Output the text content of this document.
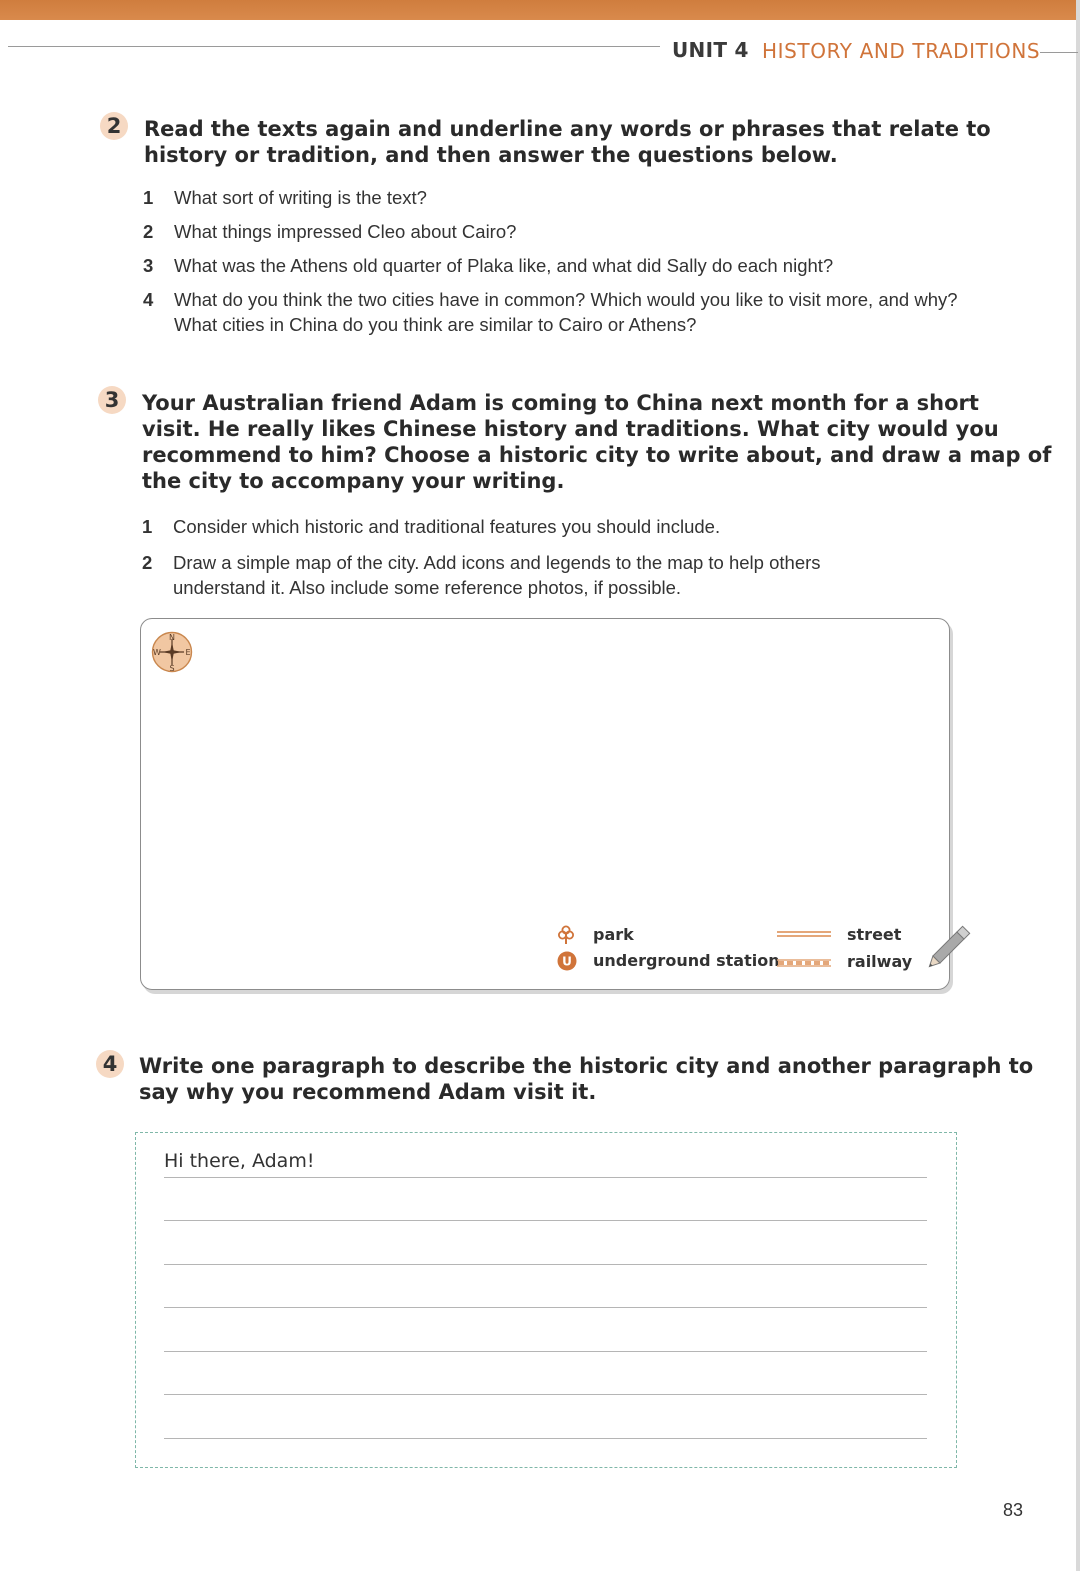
UNIT 4 HISTORY AND TRADITIONS
2	Read the texts again and underline any words or phrases that relate to
history or tradition, and then answer the questions below.
1	What sort of writing is the text?
2	What things impressed Cleo about Cairo?
3	What was the Athens old quarter of Plaka like, and what did Sally do each night?
4	What do you think the two cities have in common? Which would you like to visit more, and why? What cities in China do you think are similar to Cairo or Athens?
3	Your Australian friend Adam is coming to China next month for a short
visit. He really likes Chinese history and traditions. What city would you
recommend to him? Choose a historic city to write about, and draw a map of
the city to accompany your writing.
1	Consider which historic and traditional features you should include.
2	Draw a simple map of the city. Add icons and legends to the map to help others understand it. Also include some reference photos, if possible.
N
S
E
W
park
U underground station
street
railway
4	Write one paragraph to describe the historic city and another paragraph to
say why you recommend Adam visit it.
Hi there, Adam!
83
